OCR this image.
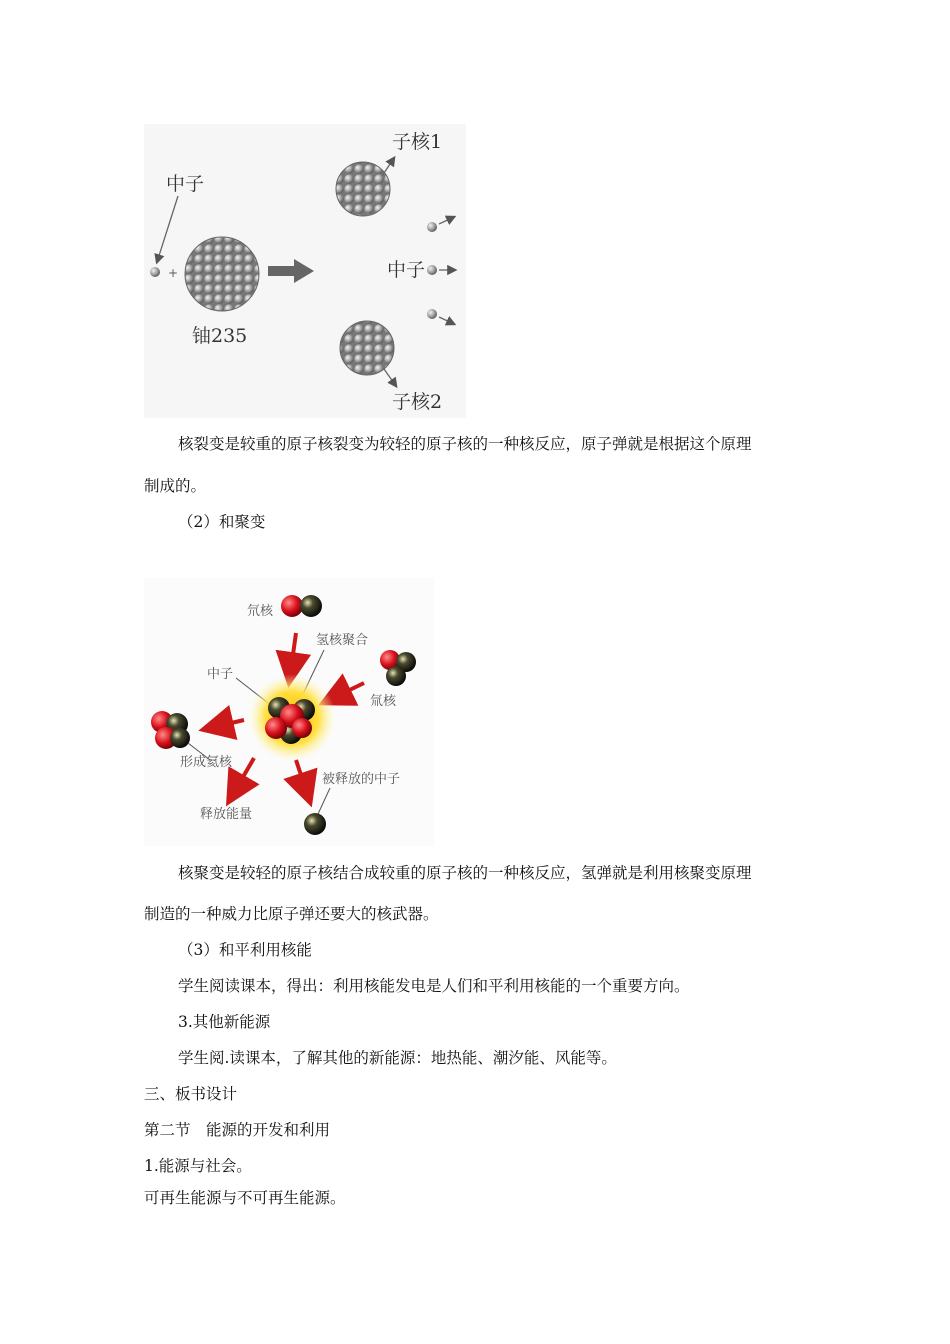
中子
+
铀235
子核1
中子
子核2
核裂变是较重的原子核裂变为较轻的原子核的一种核反应，原子弹就是根据这个原理
制成的。
（2）和聚变
氘核
氢核聚合
氚核
中子
形成氦核
释放能量
被释放的中子
核聚变是较轻的原子核结合成较重的原子核的一种核反应，氢弹就是利用核聚变原理
制造的一种威力比原子弹还要大的核武器。
（3）和平利用核能
学生阅读课本，得出：利用核能发电是人们和平利用核能的一个重要方向。
3.其他新能源
学生阅.读课本，了解其他的新能源：地热能、潮汐能、风能等。
三、板书设计
第二节　能源的开发和利用
1.能源与社会。
可再生能源与不可再生能源。
